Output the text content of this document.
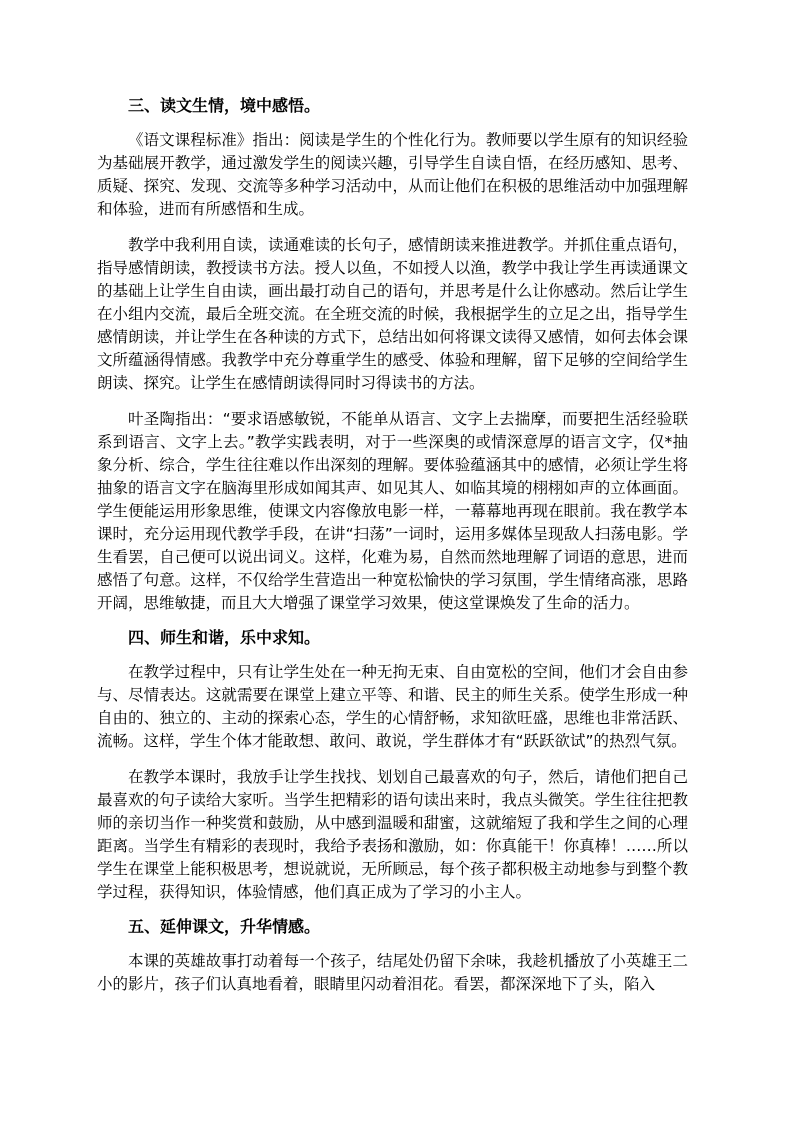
三、读文生情，境中感悟。

《语文课程标准》指出：阅读是学生的个性化行为。教师要以学生原有的知识经验为基础展开教学，通过激发学生的阅读兴趣，引导学生自读自悟，在经历感知、思考、质疑、探究、发现、交流等多种学习活动中，从而让他们在积极的思维活动中加强理解和体验，进而有所感悟和生成。

教学中我利用自读，读通难读的长句子，感情朗读来推进教学。并抓住重点语句，指导感情朗读，教授读书方法。授人以鱼，不如授人以渔，教学中我让学生再读通课文的基础上让学生自由读，画出最打动自己的语句，并思考是什么让你感动。然后让学生在小组内交流，最后全班交流。在全班交流的时候，我根据学生的立足之出，指导学生感情朗读，并让学生在各种读的方式下，总结出如何将课文读得又感情，如何去体会课文所蕴涵得情感。我教学中充分尊重学生的感受、体验和理解，留下足够的空间给学生朗读、探究。让学生在感情朗读得同时习得读书的方法。

叶圣陶指出：“要求语感敏锐，不能单从语言、文字上去揣摩，而要把生活经验联系到语言、文字上去。”教学实践表明，对于一些深奥的或情深意厚的语言文字，仅*抽象分析、综合，学生往往难以作出深刻的理解。要体验蕴涵其中的感情，必须让学生将抽象的语言文字在脑海里形成如闻其声、如见其人、如临其境的栩栩如声的立体画面。学生便能运用形象思维，使课文内容像放电影一样，一幕幕地再现在眼前。我在教学本课时，充分运用现代教学手段，在讲“扫荡”一词时，运用多媒体呈现敌人扫荡电影。学生看罢，自己便可以说出词义。这样，化难为易，自然而然地理解了词语的意思，进而感悟了句意。这样，不仅给学生营造出一种宽松愉快的学习氛围，学生情绪高涨，思路开阔，思维敏捷，而且大大增强了课堂学习效果，使这堂课焕发了生命的活力。

四、师生和谐，乐中求知。

在教学过程中，只有让学生处在一种无拘无束、自由宽松的空间，他们才会自由参与、尽情表达。这就需要在课堂上建立平等、和谐、民主的师生关系。使学生形成一种自由的、独立的、主动的探索心态，学生的心情舒畅，求知欲旺盛，思维也非常活跃、流畅。这样，学生个体才能敢想、敢问、敢说，学生群体才有“跃跃欲试”的热烈气氛。

在教学本课时，我放手让学生找找、划划自己最喜欢的句子，然后，请他们把自己最喜欢的句子读给大家听。当学生把精彩的语句读出来时，我点头微笑。学生往往把教师的亲切当作一种奖赏和鼓励，从中感到温暖和甜蜜，这就缩短了我和学生之间的心理距离。当学生有精彩的表现时，我给予表扬和激励，如：你真能干！你真棒！……所以学生在课堂上能积极思考，想说就说，无所顾忌，每个孩子都积极主动地参与到整个教学过程，获得知识，体验情感，他们真正成为了学习的小主人。

五、延伸课文，升华情感。

本课的英雄故事打动着每一个孩子，结尾处仍留下余味，我趁机播放了小英雄王二小的影片，孩子们认真地看着，眼睛里闪动着泪花。看罢，都深深地下了头，陷入
